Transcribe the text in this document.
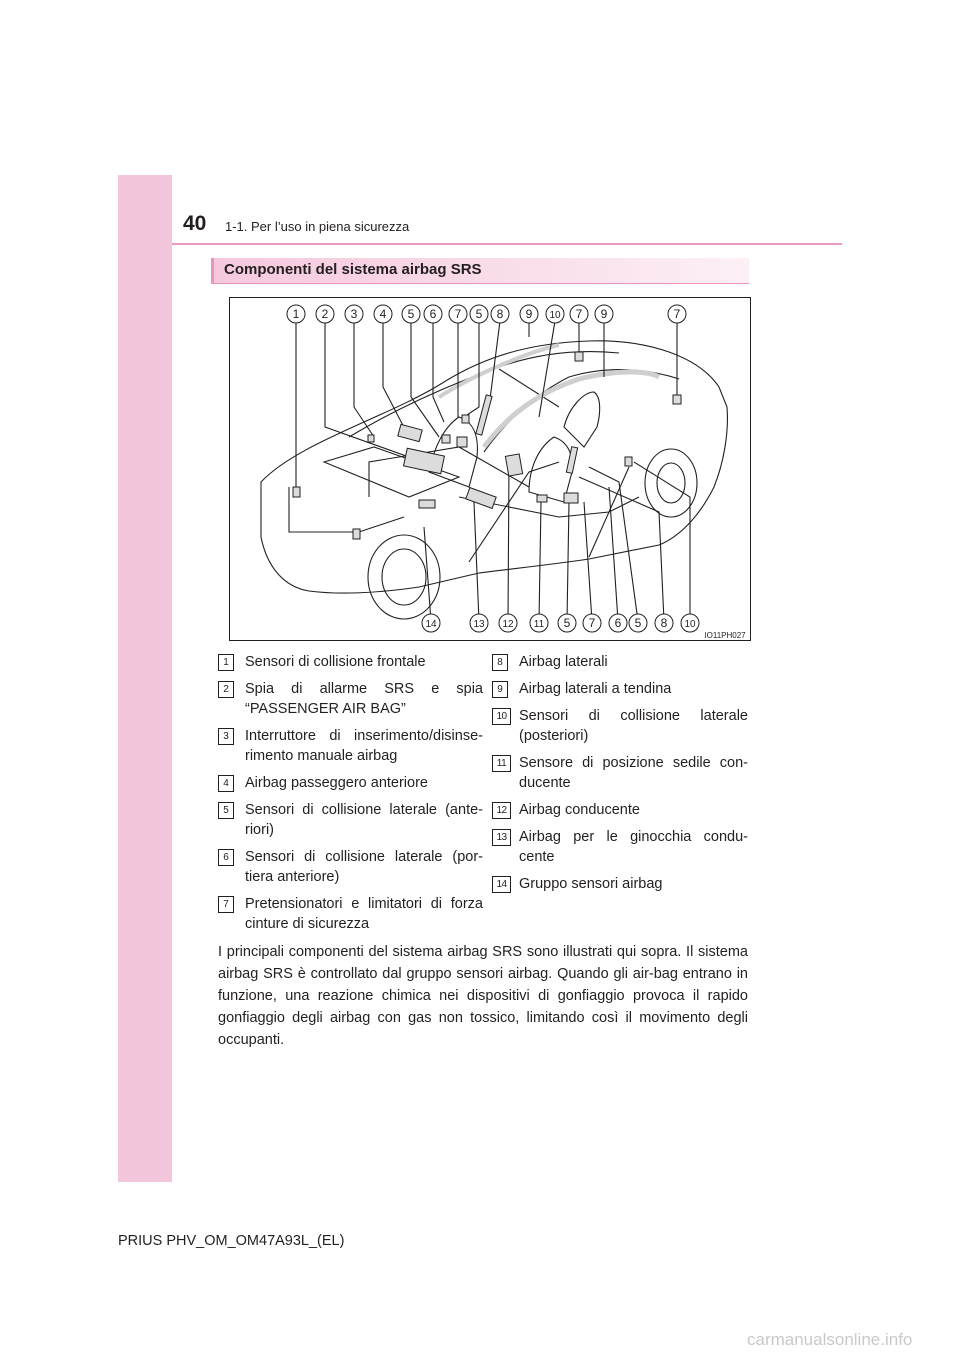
40 1-1. Per l’uso in piena sicurezza
Componenti del sistema airbag SRS
1 2 3 4 5 6 7 5 8 9 10 7 9	7
14	13 12 11 5 7 6 5 8 10
IO11PH027
1	Sensori di collisione frontale
2	Spia di allarme SRS e spia “PASSENGER AIR BAG”
3	Interruttore di inserimento/disinse-rimento manuale airbag
4	Airbag passeggero anteriore
5	Sensori di collisione laterale (ante-riori)
6	Sensori di collisione laterale (por-tiera anteriore)
7	Pretensionatori e limitatori di forza cinture di sicurezza
8	Airbag laterali
9	Airbag laterali a tendina
10 Sensori di collisione laterale (posteriori)
11 Sensore di posizione sedile con-ducente
12 Airbag conducente
13 Airbag per le ginocchia condu-cente
14 Gruppo sensori airbag
I principali componenti del sistema airbag SRS sono illustrati qui sopra. Il sistema airbag SRS è controllato dal gruppo sensori airbag. Quando gli air-bag entrano in funzione, una reazione chimica nei dispositivi di gonfiaggio provoca il rapido gonfiaggio degli airbag con gas non tossico, limitando così il movimento degli occupanti.
PRIUS PHV_OM_OM47A93L_(EL)
carmanualsonline.info
